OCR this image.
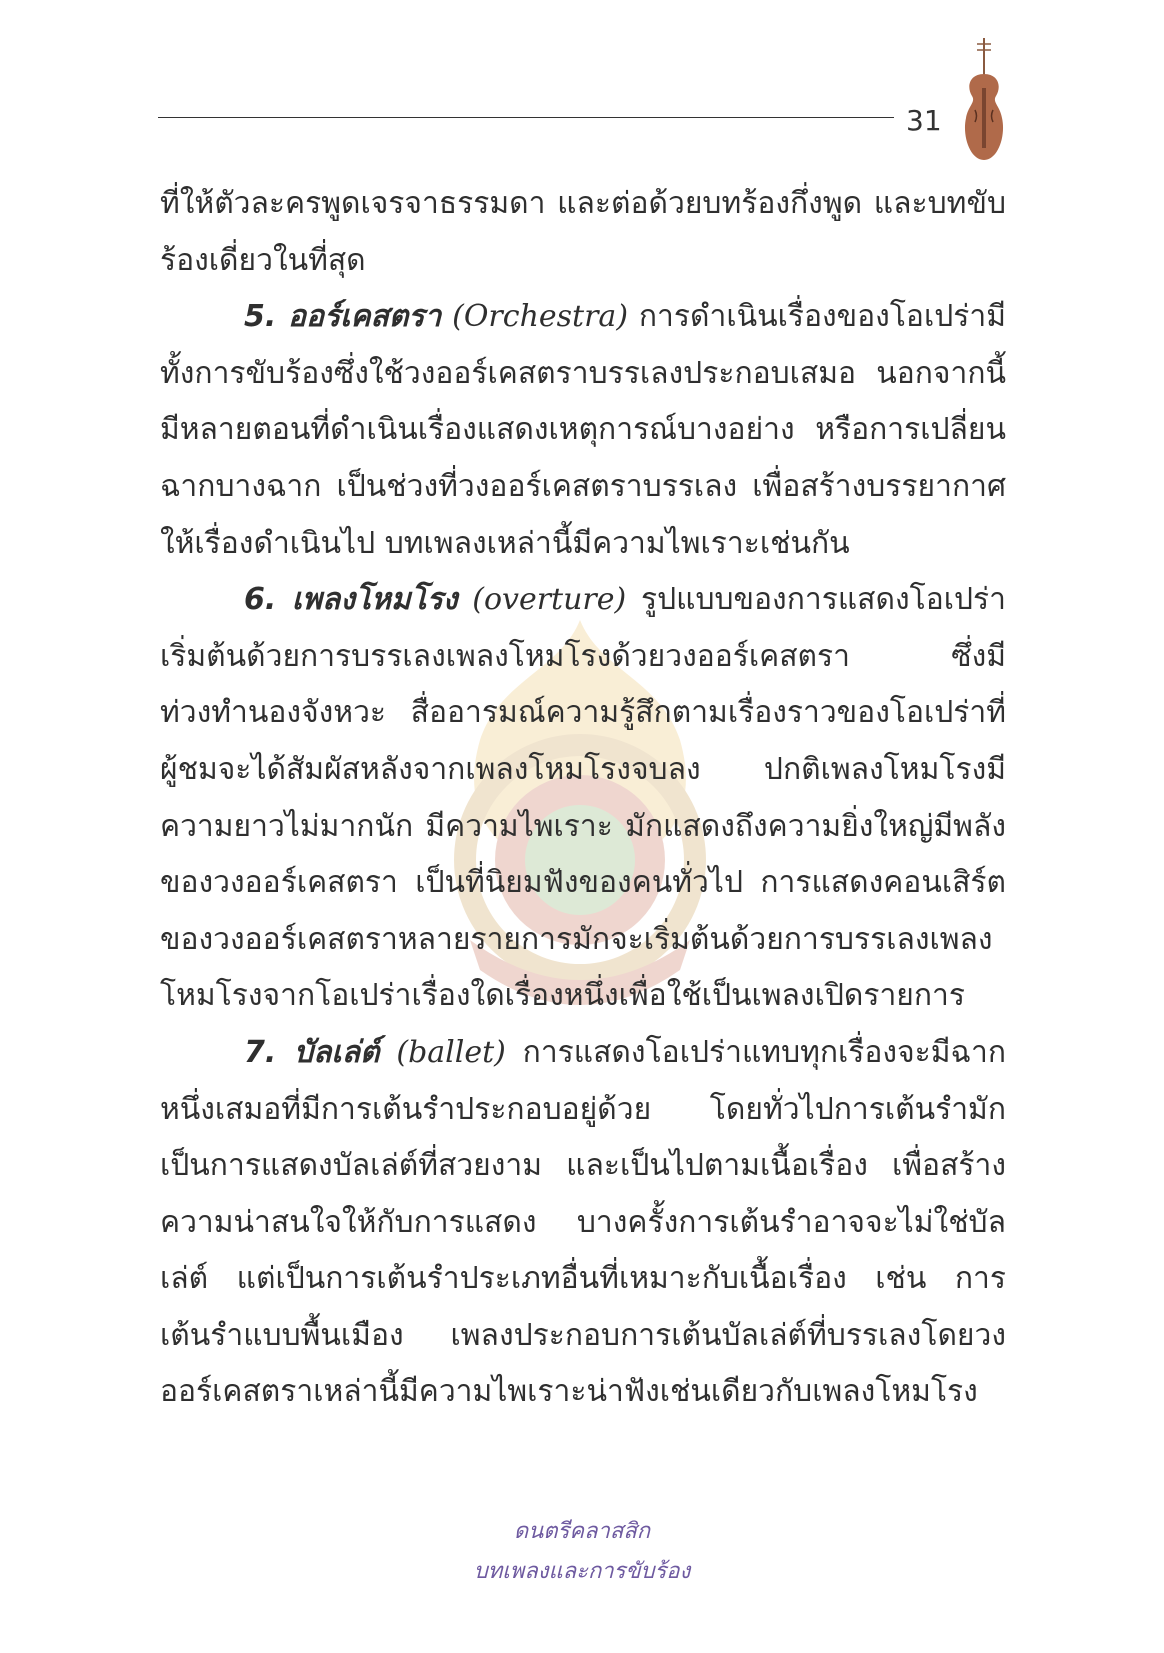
31

ที่ให้ตัวละครพูดเจรจาธรรมดา และต่อด้วยบทร้องกึ่งพูด และบทขับร้องเดี่ยวในที่สุด

5. ออร์เคสตรา (Orchestra) การดำเนินเรื่องของโอเปร่ามีทั้งการขับร้องซึ่งใช้วงออร์เคสตราบรรเลงประกอบเสมอ นอกจากนี้มีหลายตอนที่ดำเนินเรื่องแสดงเหตุการณ์บางอย่าง หรือการเปลี่ยนฉากบางฉาก เป็นช่วงที่วงออร์เคสตราบรรเลง เพื่อสร้างบรรยากาศให้เรื่องดำเนินไป บทเพลงเหล่านี้มีความไพเราะเช่นกัน

6. เพลงโหมโรง (overture) รูปแบบของการแสดงโอเปร่าเริ่มต้นด้วยการบรรเลงเพลงโหมโรงด้วยวงออร์เคสตรา ซึ่งมีท่วงทำนองจังหวะ สื่ออารมณ์ความรู้สึกตามเรื่องราวของโอเปร่าที่ผู้ชมจะได้สัมผัสหลังจากเพลงโหมโรงจบลง ปกติเพลงโหมโรงมีความยาวไม่มากนัก มีความไพเราะ มักแสดงถึงความยิ่งใหญ่มีพลังของวงออร์เคสตรา เป็นที่นิยมฟังของคนทั่วไป การแสดงคอนเสิร์ตของวงออร์เคสตราหลายรายการมักจะเริ่มต้นด้วยการบรรเลงเพลงโหมโรงจากโอเปร่าเรื่องใดเรื่องหนึ่งเพื่อใช้เป็นเพลงเปิดรายการ

7. บัลเล่ต์ (ballet) การแสดงโอเปร่าแทบทุกเรื่องจะมีฉากหนึ่งเสมอที่มีการเต้นรำประกอบอยู่ด้วย โดยทั่วไปการเต้นรำมักเป็นการแสดงบัลเล่ต์ที่สวยงาม และเป็นไปตามเนื้อเรื่อง เพื่อสร้างความน่าสนใจให้กับการแสดง บางครั้งการเต้นรำอาจจะไม่ใช่บัลเล่ต์ แต่เป็นการเต้นรำประเภทอื่นที่เหมาะกับเนื้อเรื่อง เช่น การเต้นรำแบบพื้นเมือง เพลงประกอบการเต้นบัลเล่ต์ที่บรรเลงโดยวงออร์เคสตราเหล่านี้มีความไพเราะน่าฟังเช่นเดียวกับเพลงโหมโรง

ดนตรีคลาสสิก
บทเพลงและการขับร้อง
